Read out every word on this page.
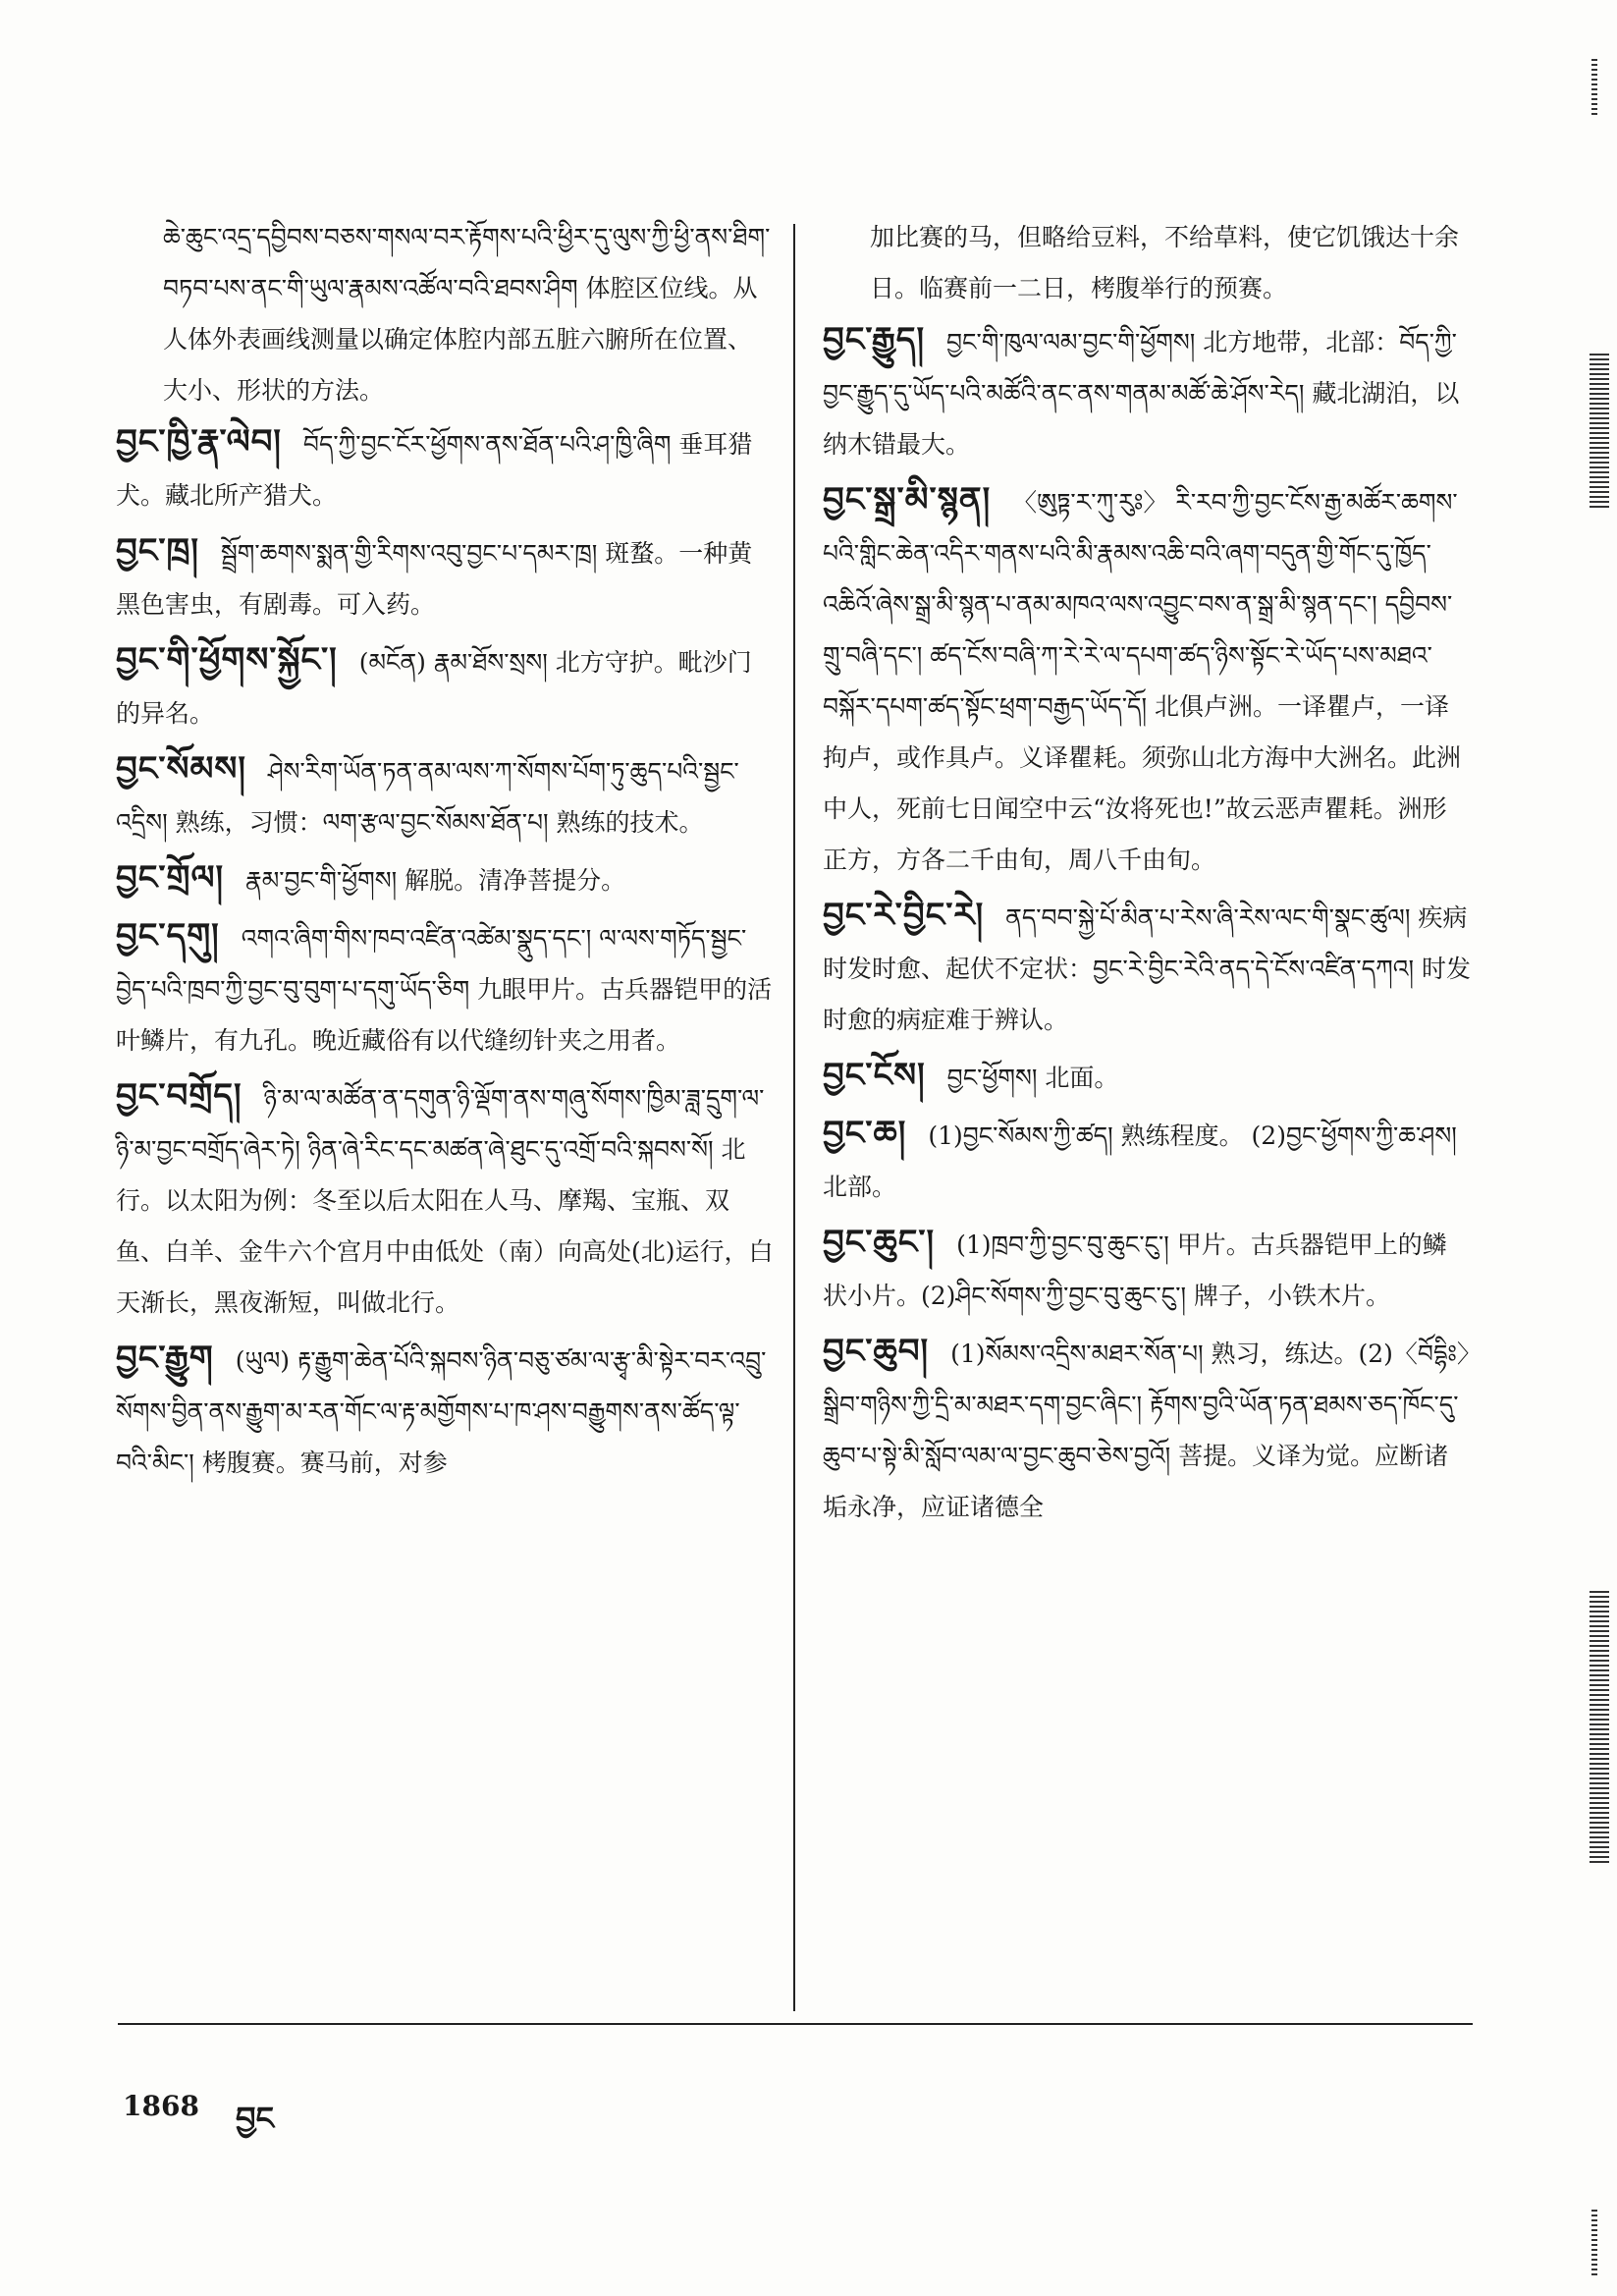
ཆེ་ཆུང་འདྲ་དབྱིབས་བཅས་གསལ་བར་རྟོགས་པའི་ཕྱིར་དུ་ལུས་ཀྱི་ཕྱི་ནས་ཐིག་བཏབ་པས་ནང་གི་ཡུལ་རྣམས་འཚོལ་བའི་ཐབས་ཤིག 体腔区位线。从人体外表画线测量以确定体腔内部五脏六腑所在位置、大小、形状的方法。
བྱང་ཁྱི་རྣ་ལེབ། བོད་ཀྱི་བྱང་ངོར་ཕྱོགས་ནས་ཐོན་པའི་ཤ་ཁྱི་ཞིག 垂耳猎犬。藏北所产猎犬。
བྱང་ཁྲ། སྦྲོག་ཆགས་སྨན་གྱི་རིགས་འབུ་བྱང་པ་དམར་ཁྲ། 斑蝥。一种黄黑色害虫，有剧毒。可入药。
བྱང་གི་ཕྱོགས་སྐྱོང་། (མངོན) རྣམ་ཐོས་སྲས། 北方守护。毗沙门的异名。
བྱང་སོམས། ཤེས་རིག་ཡོན་ཏན་ནམ་ལས་ཀ་སོགས་པོག་ཏུ་ཆུད་པའི་སྦྱང་འདྲིས། 熟练，习惯：ལག་རྩལ་བྱང་སོམས་ཐོན་པ། 熟练的技术。
བྱང་གྲོལ། རྣམ་བྱང་གི་ཕྱོགས། 解脱。清净菩提分。
བྱང་དགུ། འགའ་ཞིག་གིས་ཁབ་འཛིན་འཚེམ་སྣུད་དང་། ལ་ལས་གཏོད་སྦྱང་བྱེད་པའི་ཁྲབ་ཀྱི་བྱང་བུ་བུག་པ་དགུ་ཡོད་ཅིག 九眼甲片。古兵器铠甲的活叶鳞片，有九孔。晚近藏俗有以代缝纫针夹之用者。
བྱང་བགྲོད། ཉི་མ་ལ་མཚོན་ན་དགུན་ཉི་ལྡོག་ནས་གཞུ་སོགས་ཁྱིམ་ཟླ་དྲུག་ལ་ཉི་མ་བྱང་བགྲོད་ཞེར་ཏེ། ཉིན་ཞེ་རིང་དང་མཚན་ཞེ་ཐུང་དུ་འགྲོ་བའི་སྐབས་སོ། 北行。以太阳为例：冬至以后太阳在人马、摩羯、宝瓶、双鱼、白羊、金牛六个宫月中由低处（南）向高处(北)运行，白天渐长，黑夜渐短，叫做北行。
བྱང་རྒྱུག (ཡུལ) རྟ་རྒྱུག་ཆེན་པོའི་སྐབས་ཉིན་བཅུ་ཙམ་ལ་རྩྭ་མི་སྟེར་བར་འབྲུ་སོགས་བྱིན་ནས་རྒྱུག་མ་རན་གོང་ལ་རྟ་མགྱོགས་པ་ཁ་ཤས་བརྒྱུགས་ནས་ཚོད་ལྟ་བའི་མིང་། 栲腹赛。赛马前，对参
加比赛的马，但略给豆料，不给草料，使它饥饿达十余日。临赛前一二日，栲腹举行的预赛。
བྱང་རྒྱུད། བྱང་གི་ཁུལ་ལམ་བྱང་གི་ཕྱོགས། 北方地带，北部：བོད་ཀྱི་བྱང་རྒྱུད་དུ་ཡོད་པའི་མཚོའི་ནང་ནས་གནམ་མཚོ་ཆེ་ཤོས་རེད། 藏北湖泊，以纳木错最大。
བྱང་སྒྲ་མི་སྙན། 〈ཨུཏྟ་ར་ཀུ་རུཿ〉 རི་རབ་ཀྱི་བྱང་ངོས་རྒྱ་མཚོར་ཆགས་པའི་གླིང་ཆེན་འདིར་གནས་པའི་མི་རྣམས་འཆི་བའི་ཞག་བདུན་གྱི་གོང་དུ་ཁྱོད་འཆིའོ་ཞེས་སྒྲ་མི་སྙན་པ་ནམ་མཁའ་ལས་འབྱུང་བས་ན་སྒྲ་མི་སྙན་དང་། དབྱིབས་གྲུ་བཞི་དང་། ཚད་ངོས་བཞི་ཀ་རེ་རེ་ལ་དཔག་ཚད་ཉིས་སྟོང་རེ་ཡོད་པས་མཐའ་བསྐོར་དཔག་ཚད་སྟོང་ཕྲག་བརྒྱད་ཡོད་དོ། 北俱卢洲。一译瞿卢，一译拘卢，或作具卢。义译瞿耗。须弥山北方海中大洲名。此洲中人，死前七日闻空中云“汝将死也!”故云恶声瞿耗。洲形正方，方各二千由旬，周八千由旬。
བྱང་རེ་བྱིང་རེ། ནད་བབ་སྐྱེ་པོ་མིན་པ་རེས་ཞི་རེས་ལང་གི་སྣང་ཚུལ། 疾病时发时愈、起伏不定状：བྱང་རེ་བྱིང་རེའི་ནད་དེ་ངོས་འཛིན་དཀའ། 时发时愈的病症难于辨认。
བྱང་ངོས། བྱང་ཕྱོགས། 北面。
བྱང་ཆ། (1)བྱང་སོམས་ཀྱི་ཚད། 熟练程度。 (2)བྱང་ཕྱོགས་ཀྱི་ཆ་ཤས། 北部。
བྱང་ཆུང་། (1)ཁྲབ་ཀྱི་བྱང་བུ་ཆུང་ངུ་། 甲片。古兵器铠甲上的鳞状小片。(2)ཤིང་སོགས་ཀྱི་བྱང་བུ་ཆུང་ངུ་། 牌子，小铁木片。
བྱང་ཆུབ། (1)སོམས་འདྲིས་མཐར་སོན་པ། 熟习，练达。(2)〈བོདྷིཿ〉སྒྲིབ་གཉིས་ཀྱི་དྲི་མ་མཐར་དག་བྱང་ཞིང་། རྟོགས་བྱའི་ཡོན་ཏན་ཐམས་ཅད་ཁོང་དུ་ཆུབ་པ་སྟེ་མི་སློབ་ལམ་ལ་བྱང་ཆུབ་ཅེས་བྱའོ། 菩提。义译为觉。应断诸垢永净，应证诸德全
1868 བྱང
